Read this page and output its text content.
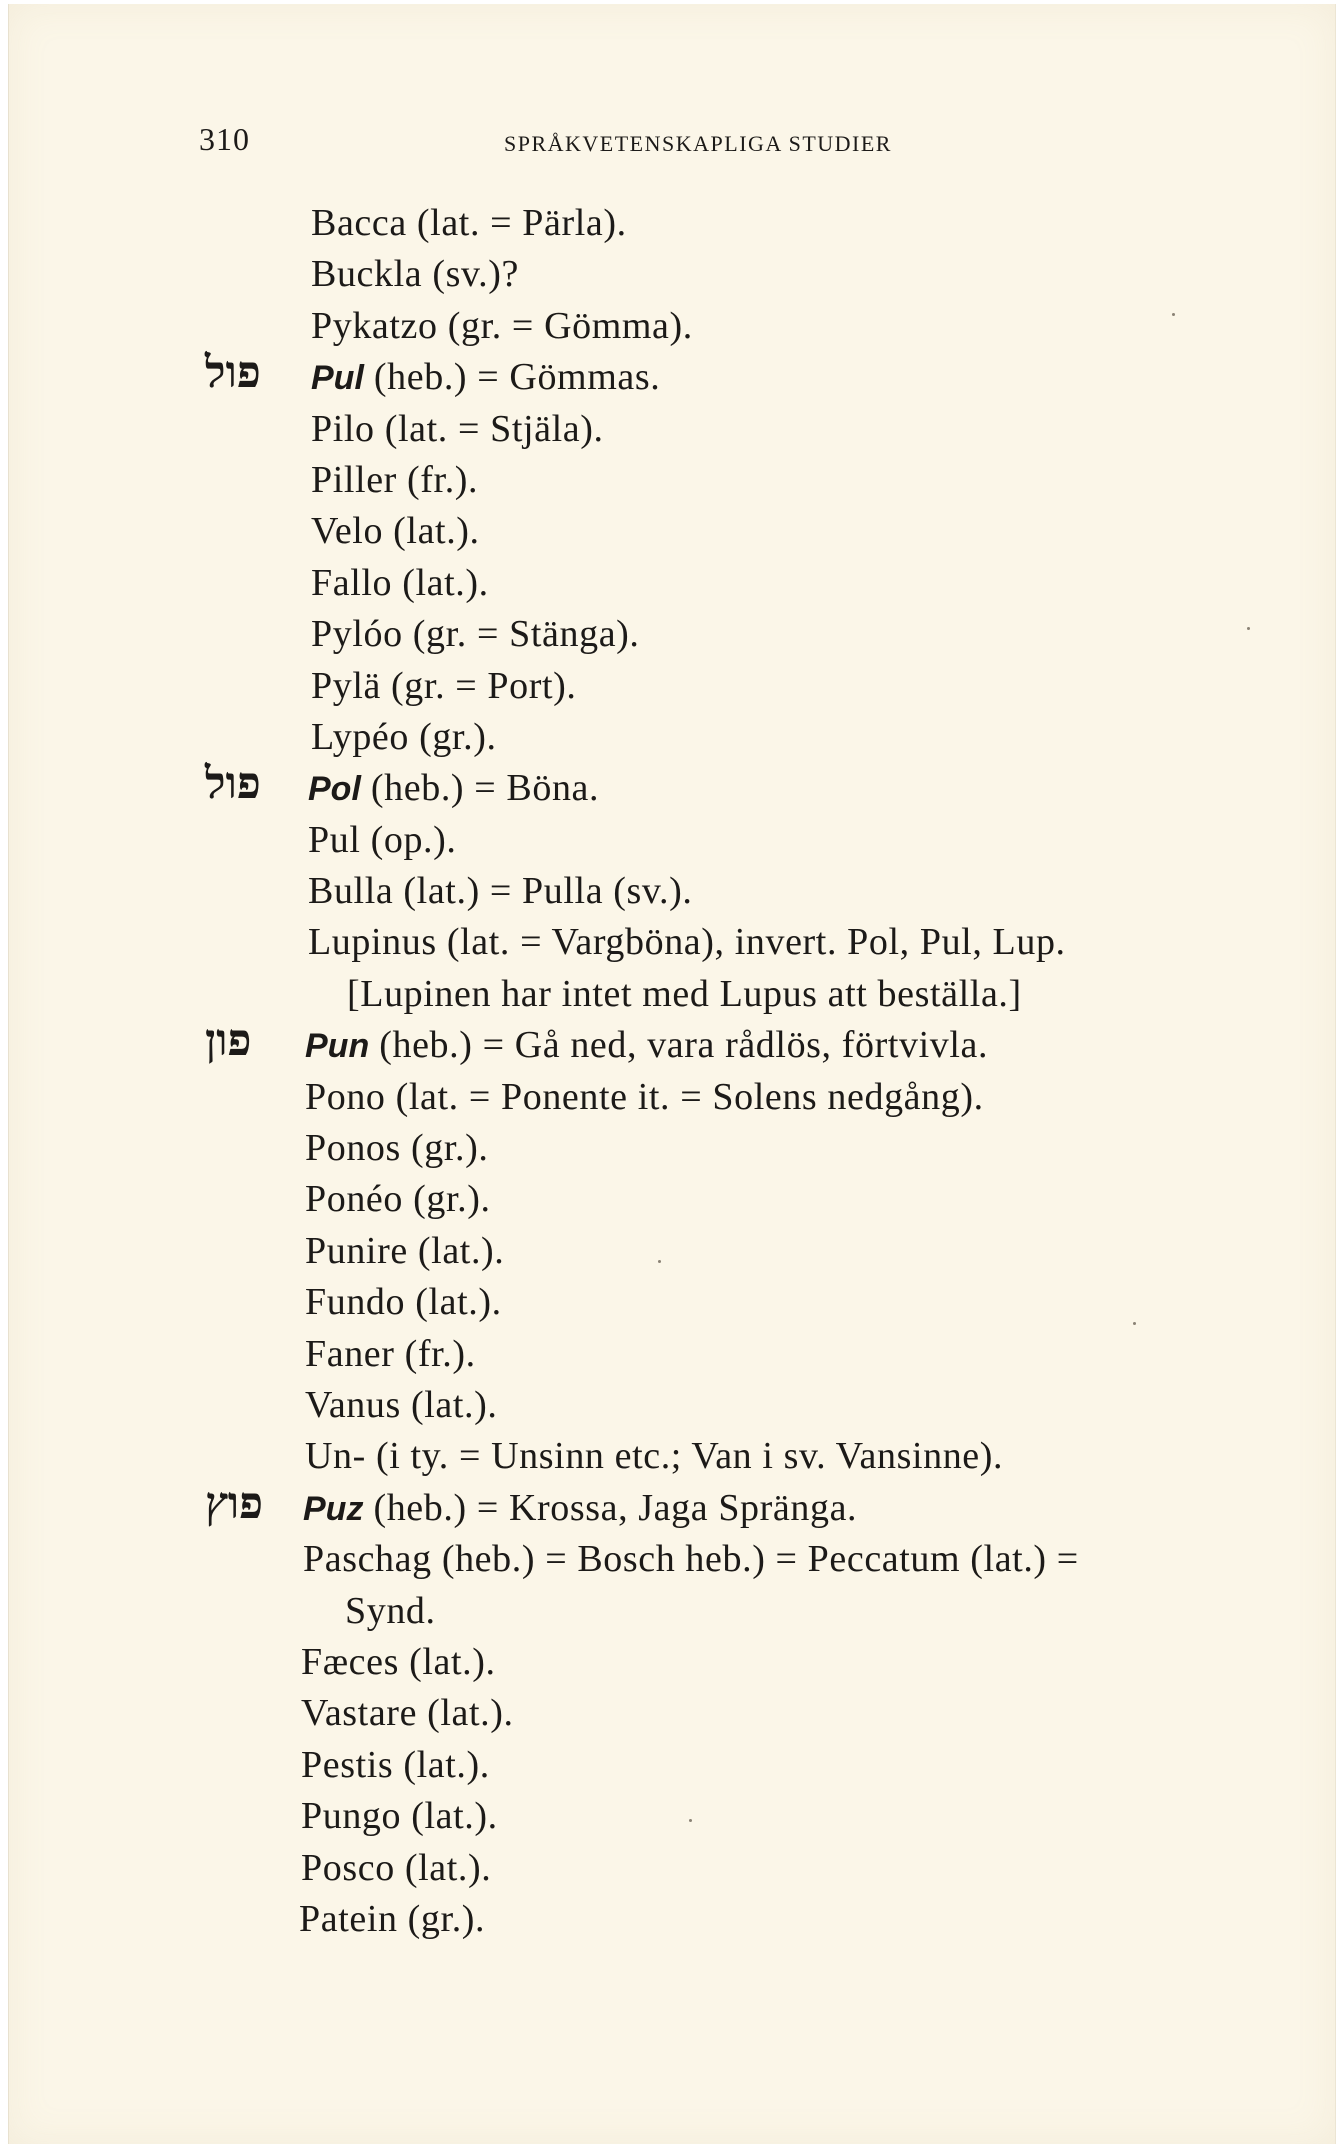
310	SPRÅKVETENSKAPLIGA STUDIER
Bacca (lat. = Pärla).
Buckla (sv.)?
Pykatzo (gr. = Gömma).
פול Pul (heb.) = Gömmas.
Pilo (lat. = Stjäla).
Piller (fr.).
Velo (lat.).
Fallo (lat.).
Pylóo (gr. = Stänga).
Pylä (gr. = Port).
Lypéo (gr.).
פול Pol (heb.) = Böna.
Pul (op.).
Bulla (lat.) = Pulla (sv.).
Lupinus (lat. = Vargböna), invert. Pol, Pul, Lup.
[Lupinen har intet med Lupus att beställa.]
פון Pun (heb.) = Gå ned, vara rådlös, förtvivla.
Pono (lat. = Ponente it. = Solens nedgång).
Ponos (gr.).
Ponéo (gr.).
Punire (lat.).
Fundo (lat.).
Faner (fr.).
Vanus (lat.).
Un- (i ty. = Unsinn etc.; Van i sv. Vansinne).
פוץ Puz (heb.) = Krossa, Jaga Spränga.
Paschag (heb.) = Bosch heb.) = Peccatum (lat.) =
Synd.
Fæces (lat.).
Vastare (lat.).
Pestis (lat.).
Pungo (lat.).
Posco (lat.).
Patein (gr.).
